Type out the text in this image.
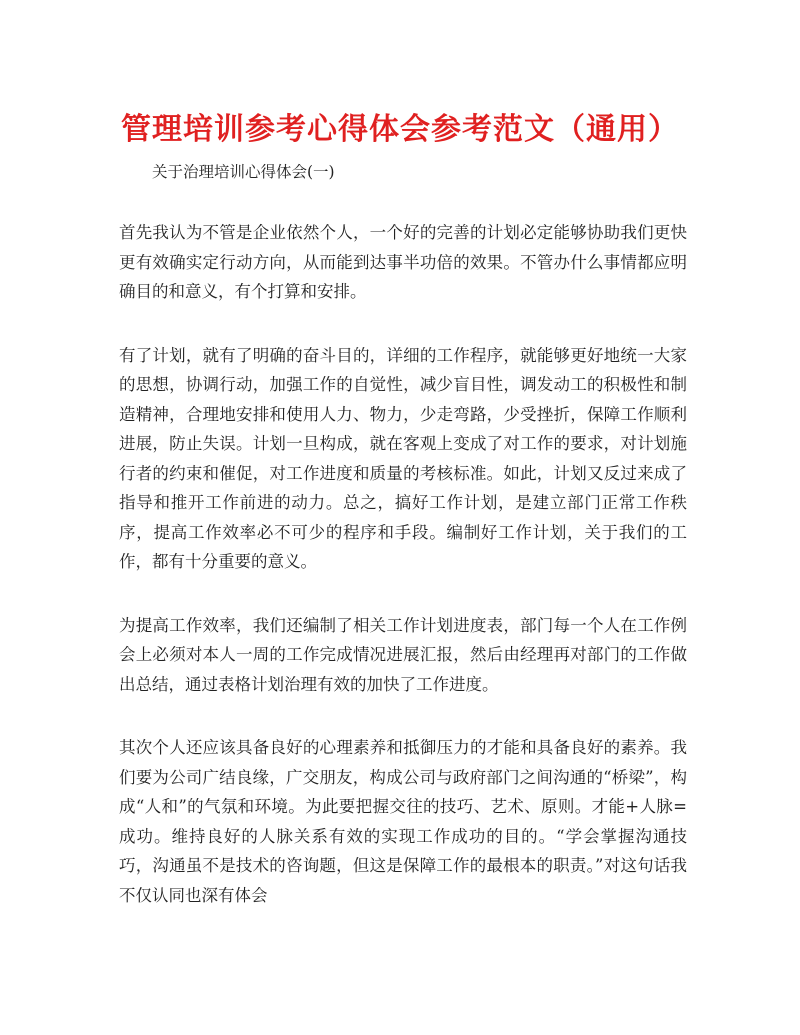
管理培训参考心得体会参考范文（通用）

关于治理培训心得体会(一)

首先我认为不管是企业依然个人，一个好的完善的计划必定能够协助我们更快更有效确实定行动方向，从而能到达事半功倍的效果。不管办什么事情都应明确目的和意义，有个打算和安排。

有了计划，就有了明确的奋斗目的，详细的工作程序，就能够更好地统一大家的思想，协调行动，加强工作的自觉性，减少盲目性，调发动工的积极性和制造精神，合理地安排和使用人力、物力，少走弯路，少受挫折，保障工作顺利进展，防止失误。计划一旦构成，就在客观上变成了对工作的要求，对计划施行者的约束和催促，对工作进度和质量的考核标准。如此，计划又反过来成了指导和推开工作前进的动力。总之，搞好工作计划，是建立部门正常工作秩序，提高工作效率必不可少的程序和手段。编制好工作计划，关于我们的工作，都有十分重要的意义。

为提高工作效率，我们还编制了相关工作计划进度表，部门每一个人在工作例会上必须对本人一周的工作完成情况进展汇报，然后由经理再对部门的工作做出总结，通过表格计划治理有效的加快了工作进度。

其次个人还应该具备良好的心理素养和抵御压力的才能和具备良好的素养。我们要为公司广结良缘，广交朋友，构成公司与政府部门之间沟通的“桥梁”，构成“人和”的气氛和环境。为此要把握交往的技巧、艺术、原则。才能+人脉=成功。维持良好的人脉关系有效的实现工作成功的目的。“学会掌握沟通技巧，沟通虽不是技术的咨询题，但这是保障工作的最根本的职责。”对这句话我不仅认同也深有体会
